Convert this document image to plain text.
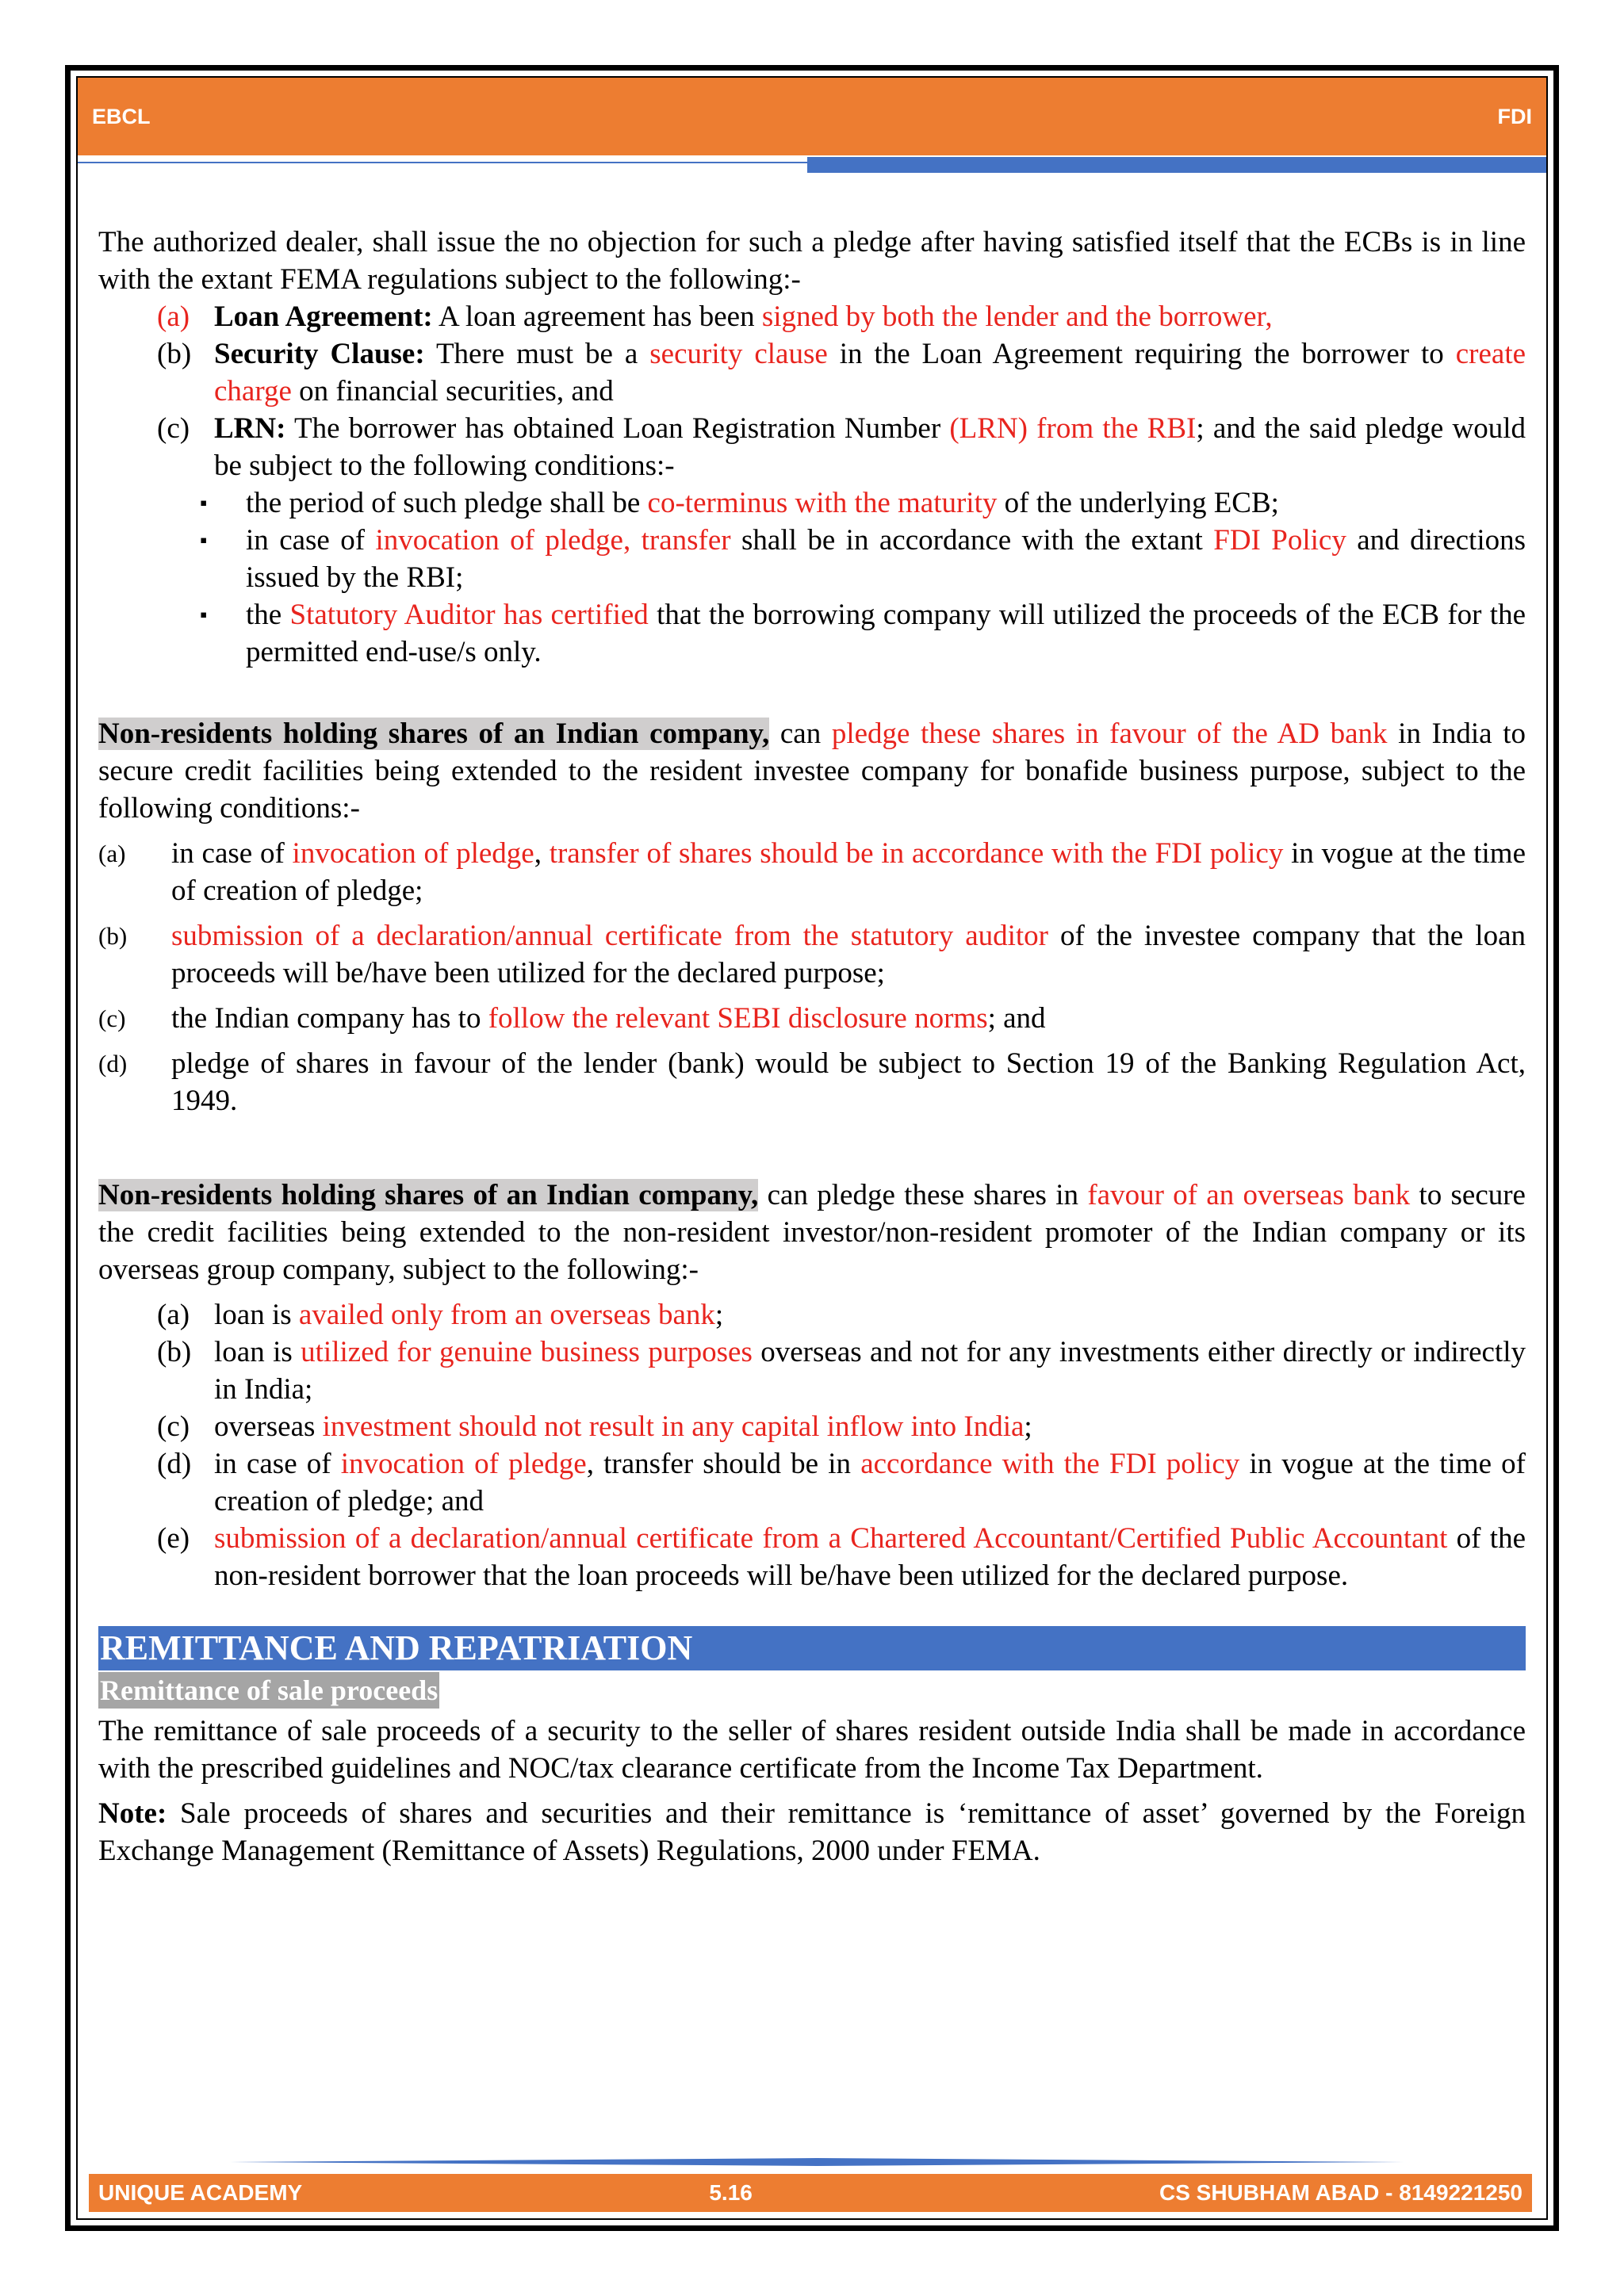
EBCL	FDI

The authorized dealer, shall issue the no objection for such a pledge after having satisfied itself that the ECBs is in line with the extant FEMA regulations subject to the following:-

(a) Loan Agreement: A loan agreement has been signed by both the lender and the borrower,
(b) Security Clause: There must be a security clause in the Loan Agreement requiring the borrower to create charge on financial securities, and
(c) LRN: The borrower has obtained Loan Registration Number (LRN) from the RBI; and the said pledge would be subject to the following conditions:-
▪	the period of such pledge shall be co-terminus with the maturity of the underlying ECB;
▪	in case of invocation of pledge, transfer shall be in accordance with the extant FDI Policy and directions issued by the RBI;
▪	the Statutory Auditor has certified that the borrowing company will utilized the proceeds of the ECB for the permitted end-use/s only.

Non-residents holding shares of an Indian company, can pledge these shares in favour of the AD bank in India to secure credit facilities being extended to the resident investee company for bonafide business purpose, subject to the following conditions:-

(a)	in case of invocation of pledge, transfer of shares should be in accordance with the FDI policy in vogue at the time of creation of pledge;
(b)	submission of a declaration/annual certificate from the statutory auditor of the investee company that the loan proceeds will be/have been utilized for the declared purpose;
(c)	the Indian company has to follow the relevant SEBI disclosure norms; and
(d)	pledge of shares in favour of the lender (bank) would be subject to Section 19 of the Banking Regulation Act, 1949.

Non-residents holding shares of an Indian company, can pledge these shares in favour of an overseas bank to secure the credit facilities being extended to the non-resident investor/non-resident promoter of the Indian company or its overseas group company, subject to the following:-

(a) loan is availed only from an overseas bank;
(b) loan is utilized for genuine business purposes overseas and not for any investments either directly or indirectly in India;
(c) overseas investment should not result in any capital inflow into India;
(d) in case of invocation of pledge, transfer should be in accordance with the FDI policy in vogue at the time of creation of pledge; and
(e) submission of a declaration/annual certificate from a Chartered Accountant/Certified Public Accountant of the non-resident borrower that the loan proceeds will be/have been utilized for the declared purpose.
REMITTANCE AND REPATRIATION
Remittance of sale proceeds

The remittance of sale proceeds of a security to the seller of shares resident outside India shall be made in accordance with the prescribed guidelines and NOC/tax clearance certificate from the Income Tax Department.

Note: Sale proceeds of shares and securities and their remittance is ‘remittance of asset’ governed by the Foreign Exchange Management (Remittance of Assets) Regulations, 2000 under FEMA.

UNIQUE ACADEMY	5.16	CS SHUBHAM ABAD - 8149221250
